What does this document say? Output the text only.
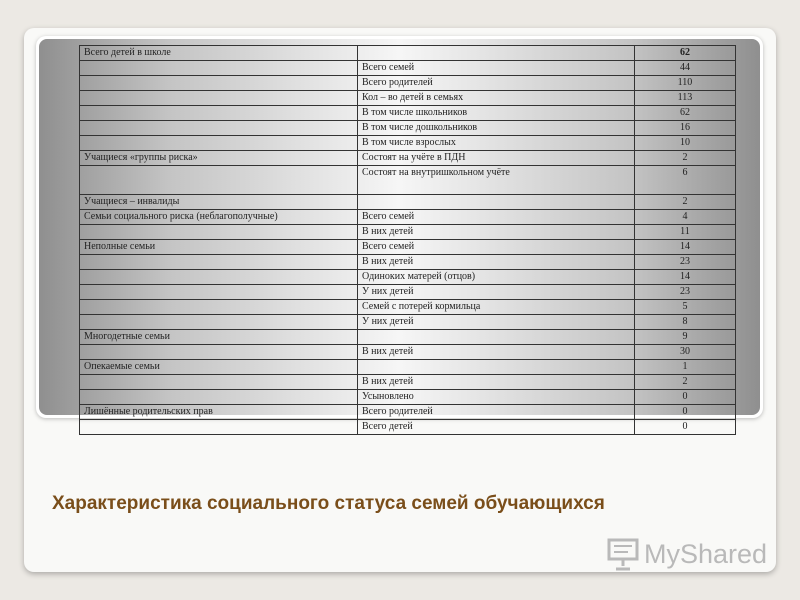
Всего детей в школе		62
	Всего семей	44
	Всего родителей	110
	Кол – во детей в семьях	113
	В том числе школьников	62
	В том числе дошкольников	16
	В том числе взрослых	10
Учащиеся «группы риска»	Состоят на учёте в ПДН	2
	Состоят на внутришкольном учёте	6
Учащиеся – инвалиды		2
Семьи социального риска (неблагополучные)	Всего семей	4
	В них детей	11
Неполные семьи	Всего семей	14
	В них детей	23
	Одиноких матерей (отцов)	14
	У них детей	23
	Семей с потерей кормильца	5
	У них детей	8
Многодетные семьи		9
	В них детей	30
Опекаемые семьи		1
	В них детей	2
	Усыновлено	0
Лишённые родительских прав	Всего родителей	0
	Всего детей	0
Характеристика социального статуса семей обучающихся
MyShared
